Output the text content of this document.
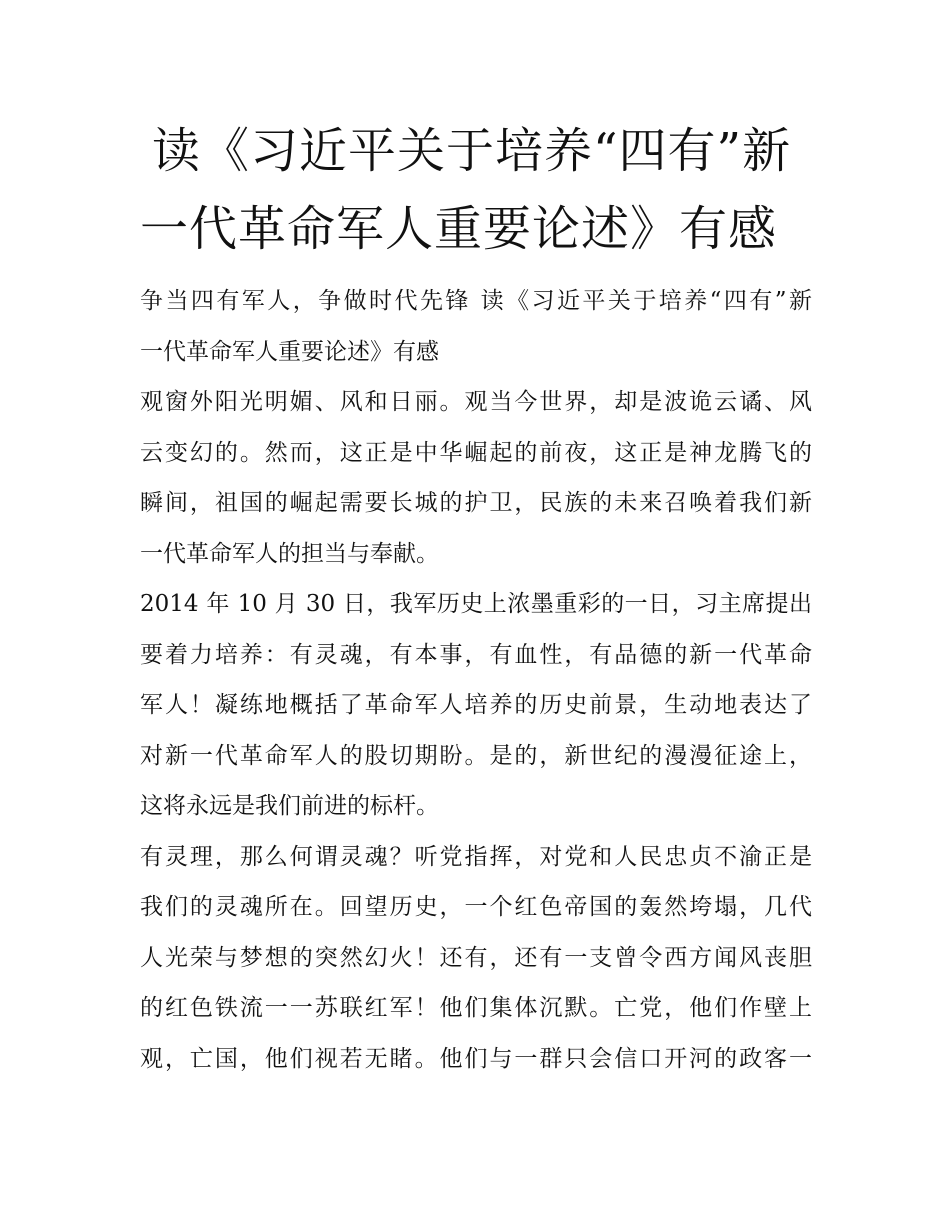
读《习近平关于培养“四有”新
一代革命军人重要论述》有感

争当四有军人，争做时代先锋 读《习近平关于培养“四有”新

一代革命军人重要论述》有感

观窗外阳光明媚、风和日丽。观当今世界，却是波诡云谲、风

云变幻的。然而，这正是中华崛起的前夜，这正是神龙腾飞的

瞬间，祖国的崛起需要长城的护卫，民族的未来召唤着我们新

一代革命军人的担当与奉献。

2014 年 10 月 30 日，我军历史上浓墨重彩的一日，习主席提出

要着力培养：有灵魂，有本事，有血性，有品德的新一代革命

军人！凝练地概括了革命军人培养的历史前景，生动地表达了

对新一代革命军人的股切期盼。是的，新世纪的漫漫征途上，

这将永远是我们前进的标杆。

有灵理，那么何谓灵魂？听党指挥，对党和人民忠贞不渝正是

我们的灵魂所在。回望历史，一个红色帝国的轰然垮塌，几代

人光荣与梦想的突然幻火！还有，还有一支曾令西方闻风丧胆

的红色铁流一一苏联红军！他们集体沉默。亡党，他们作壁上

观，亡国，他们视若无睹。他们与一群只会信口开河的政客一
